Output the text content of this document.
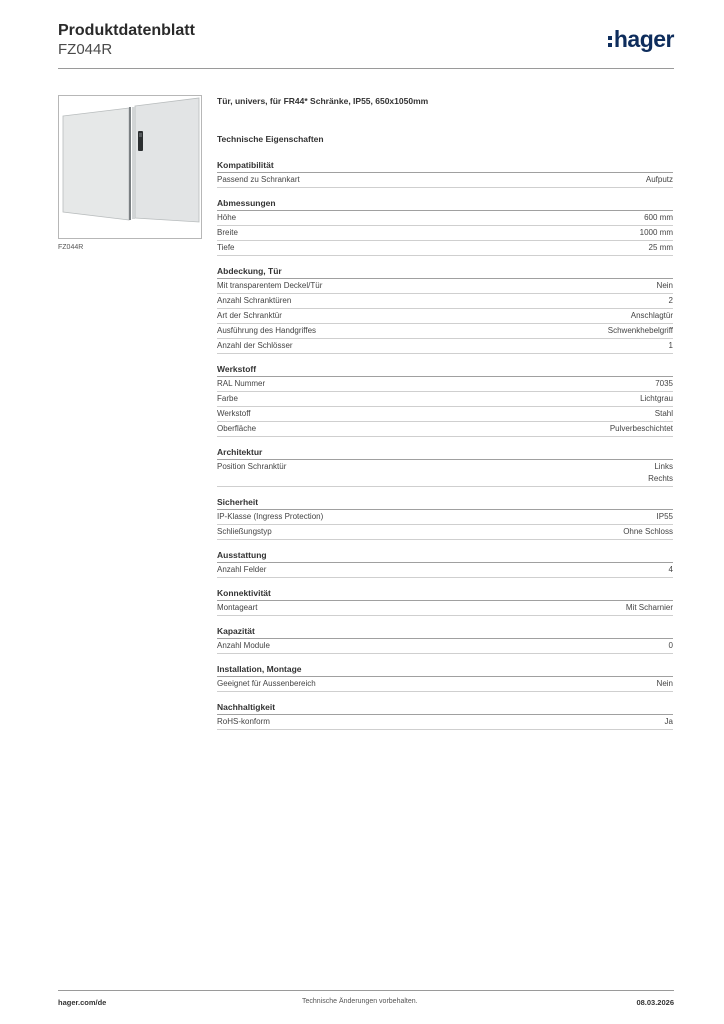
Produktdatenblatt
FZ044R	hager
FZ044R
Tür, univers, für FR44* Schränke, IP55, 650x1050mm
Technische Eigenschaften
Kompatibilität
Passend zu Schrankart	Aufputz
Abmessungen
Höhe	600 mm
Breite	1000 mm
Tiefe	25 mm
Abdeckung, Tür
Mit transparentem Deckel/Tür	Nein
Anzahl Schranktüren	2
Art der Schranktür	Anschlagtür
Ausführung des Handgriffes	Schwenkhebelgriff
Anzahl der Schlösser	1
Werkstoff
RAL Nummer	7035
Farbe	Lichtgrau
Werkstoff	Stahl
Oberfläche	Pulverbeschichtet
Architektur
Position Schranktür	Links
Rechts
Sicherheit
IP-Klasse (Ingress Protection)	IP55
Schließungstyp	Ohne Schloss
Ausstattung
Anzahl Felder	4
Konnektivität
Montageart	Mit Scharnier
Kapazität
Anzahl Module	0
Installation, Montage
Geeignet für Aussenbereich	Nein
Nachhaltigkeit
RoHS-konform	Ja
hager.com/de	Technische Änderungen vorbehalten.	08.03.2026
